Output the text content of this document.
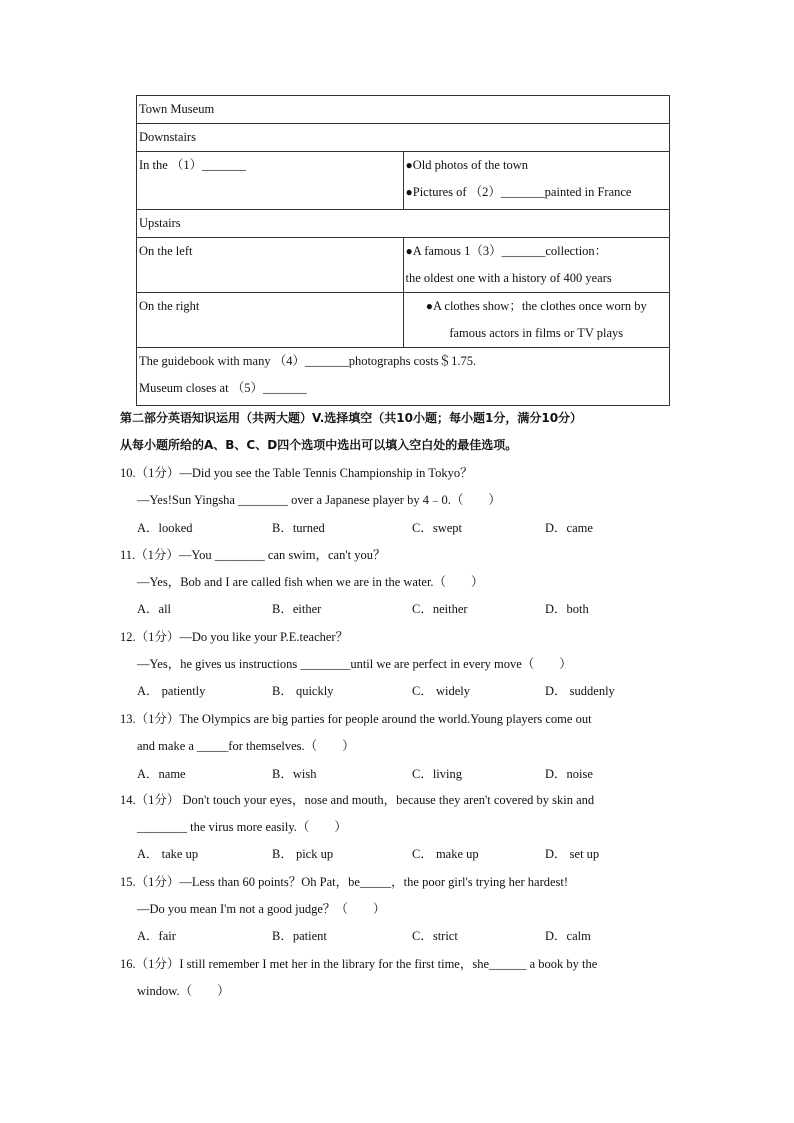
Town Museum	
Downstairs	

In the （1）_______	●Old photos of the town
●Pictures of （2）_______painted in France

Upstairs	
On the left	●A famous 1（3）_______collection：
the oldest one with a history of 400 years

On the right	●A clothes show；the clothes once worn by
famous actors in films or TV plays

The guidebook with many （4）_______photographs costs＄1.75.
Museum closes at （5）_______	
第二部分英语知识运用（共两大题）V.选择填空（共10小题；每小题1分，满分10分）
从每小题所给的A、B、C、D四个选项中选出可以填入空白处的最佳选项。
10.（1分）—Did you see the Table Tennis Championship in Tokyo？
—Yes!Sun Yingsha ________ over a Japanese player by 4﹣0.（　　）
A．looked	B．turned	C．swept	D．came
11.（1分）—You ________ can swim，can't you？
—Yes，Bob and I are called fish when we are in the water.（　　）
A．all	B．either	C．neither	D．both
12.（1分）—Do you like your P.E.teacher？
—Yes，he gives us instructions ________until we are perfect in every move（　　）
A． patiently	B． quickly	C． widely	D． suddenly
13.（1分）The Olympics are big parties for people around the world.Young players come out
and make a _____for themselves.（　　）
A．name	B．wish	C．living	D．noise
14.（1分） Don't touch your eyes，nose and mouth，because they aren't covered by skin and
________ the virus more easily.（　　）
A． take up	B． pick up	C． make up	D． set up
15.（1分）—Less than 60 points？Oh Pat，be_____，the poor girl's trying her hardest!
—Do you mean I'm not a good judge？（　　）
A．fair	B．patient	C．strict	D．calm
16.（1分）I still remember I met her in the library for the first time，she______ a book by the
window.（　　）
